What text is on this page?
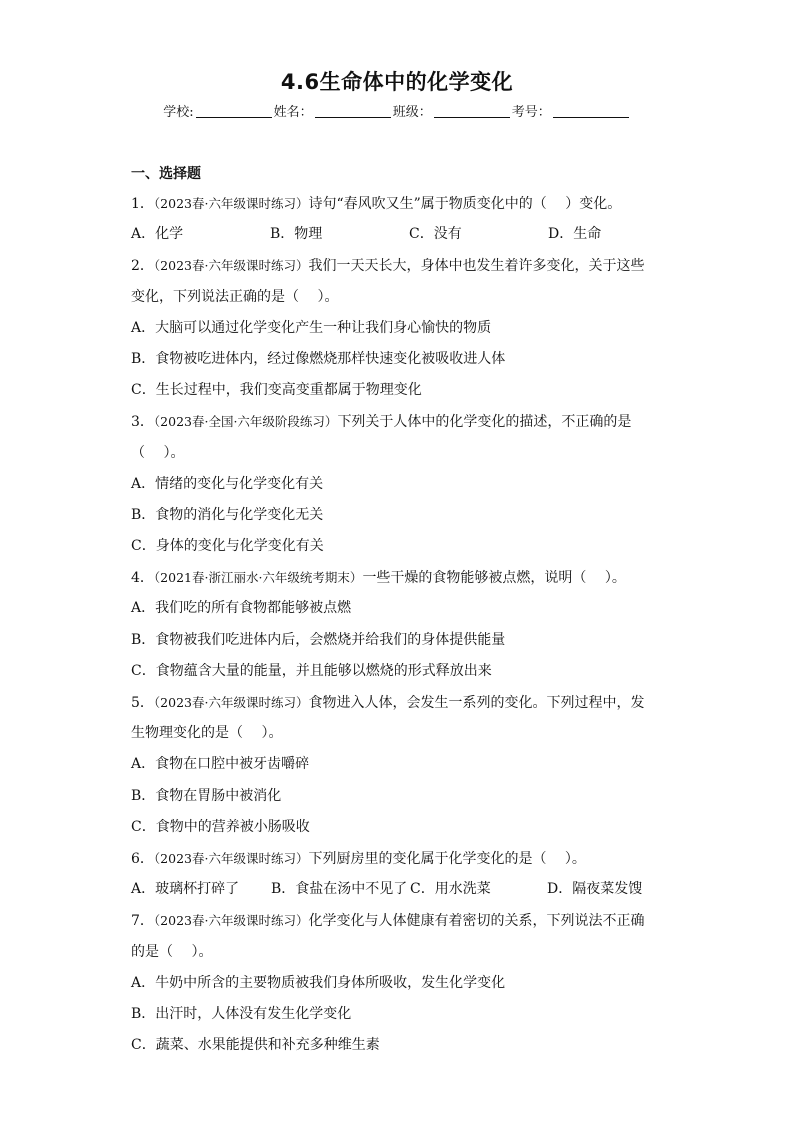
4.6生命体中的化学变化
学校:	姓名：	班级：	考号：
一、选择题
1．（2023春·六年级课时练习）诗句“春风吹又生”属于物质变化中的（　 ）变化。
A．化学	B．物理	C．没有	D．生命
2．（2023春·六年级课时练习）我们一天天长大，身体中也发生着许多变化，关于这些
变化，下列说法正确的是（　 ）。
A．大脑可以通过化学变化产生一种让我们身心愉快的物质
B．食物被吃进体内，经过像燃烧那样快速变化被吸收进人体
C．生长过程中，我们变高变重都属于物理变化
3．（2023春·全国·六年级阶段练习）下列关于人体中的化学变化的描述，不正确的是
（　 ）。
A．情绪的变化与化学变化有关
B．食物的消化与化学变化无关
C．身体的变化与化学变化有关
4．（2021春·浙江丽水·六年级统考期末）一些干燥的食物能够被点燃，说明（　 ）。
A．我们吃的所有食物都能够被点燃
B．食物被我们吃进体内后，会燃烧并给我们的身体提供能量
C．食物蕴含大量的能量，并且能够以燃烧的形式释放出来
5．（2023春·六年级课时练习）食物进入人体，会发生一系列的变化。下列过程中，发
生物理变化的是（　 ）。
A．食物在口腔中被牙齿嚼碎
B．食物在胃肠中被消化
C．食物中的营养被小肠吸收
6．（2023春·六年级课时练习）下列厨房里的变化属于化学变化的是（　 ）。
A．玻璃杯打碎了	B．食盐在汤中不见了 C．用水洗菜	D．隔夜菜发馊
7．（2023春·六年级课时练习）化学变化与人体健康有着密切的关系，下列说法不正确
的是（　 ）。
A．牛奶中所含的主要物质被我们身体所吸收，发生化学变化
B．出汗时，人体没有发生化学变化
C．蔬菜、水果能提供和补充多种维生素
